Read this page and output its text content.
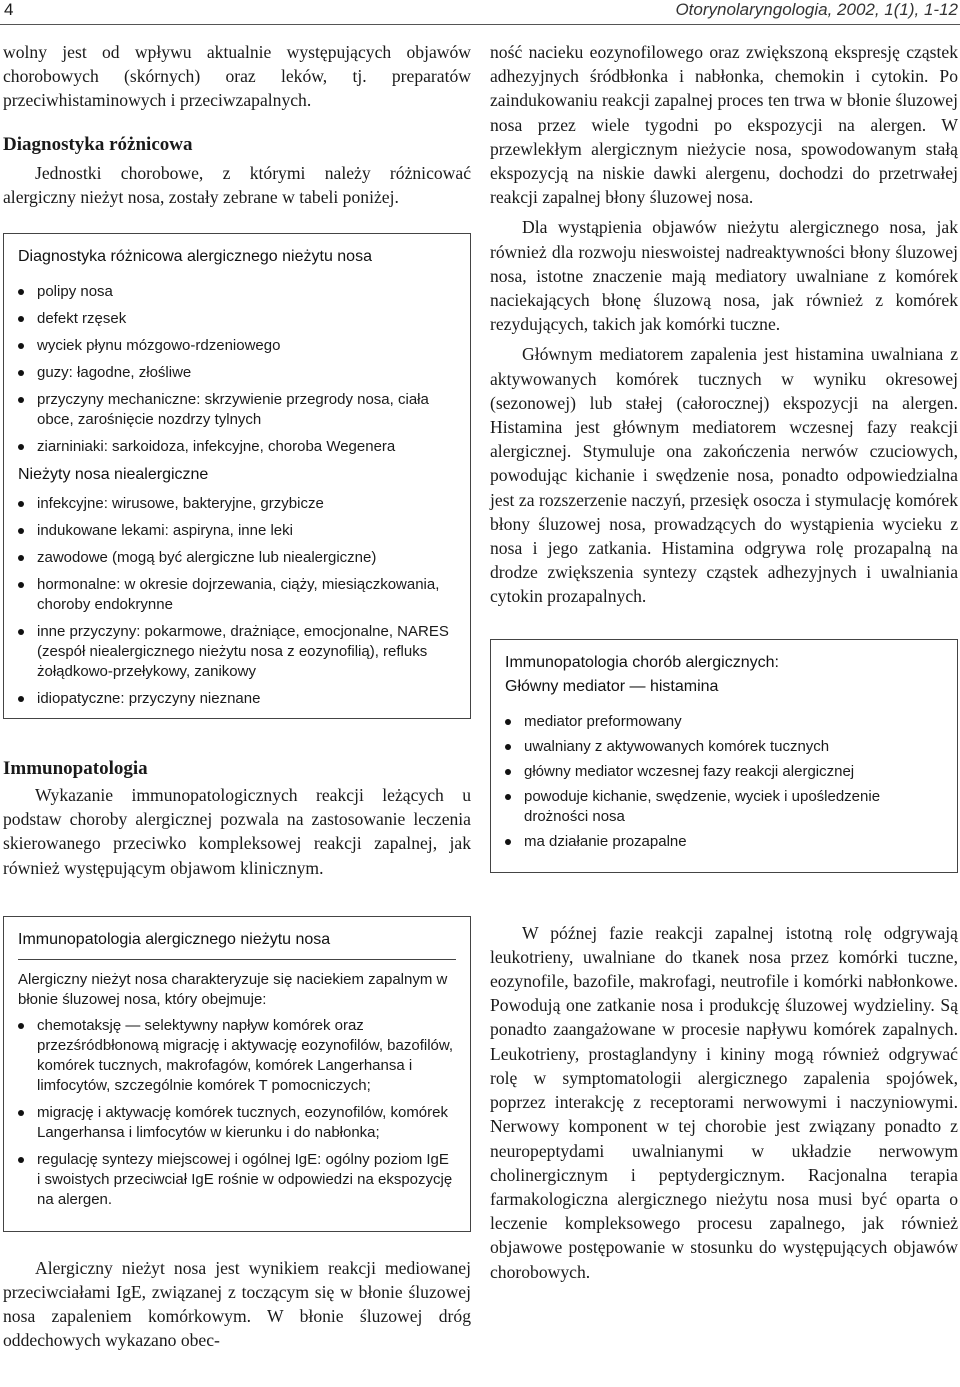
4	Otorynolaryngologia, 2002, 1(1), 1-12

wolny jest od wpływu aktualnie występujących objawów chorobowych (skórnych) oraz leków, tj. preparatów przeciwhistaminowych i przeciwzapalnych.

Diagnostyka różnicowa

Jednostki chorobowe, z którymi należy różnicować alergiczny nieżyt nosa, zostały zebrane w tabeli poniżej.

Diagnostyka różnicowa alergicznego nieżytu nosa
polipy nosa
defekt rzęsek
wyciek płynu mózgowo-rdzeniowego
guzy: łagodne, złośliwe
przyczyny mechaniczne: skrzywienie przegrody nosa, ciała obce, zarośnięcie nozdrzy tylnych
ziarniniaki: sarkoidoza, infekcyjne, choroba Wegenera
Nieżyty nosa niealergiczne
infekcyjne: wirusowe, bakteryjne, grzybicze
indukowane lekami: aspiryna, inne leki
zawodowe (mogą być alergiczne lub niealergiczne)
hormonalne: w okresie dojrzewania, ciąży, miesiączkowania, choroby endokrynne
inne przyczyny: pokarmowe, drażniące, emocjonalne, NARES (zespół niealergicznego nieżytu nosa z eozynofilią), refluks żołądkowo-przełykowy, zanikowy
idiopatyczne: przyczyny nieznane
Immunopatologia

Wykazanie immunopatologicznych reakcji leżących u podstaw choroby alergicznej pozwala na zastosowanie leczenia skierowanego przeciwko kompleksowej reakcji zapalnej, jak również występującym objawom klinicznym.

Immunopatologia alergicznego nieżytu nosa

Alergiczny nieżyt nosa charakteryzuje się naciekiem zapalnym w błonie śluzowej nosa, który obejmuje:

chemotaksję — selektywny napływ komórek oraz przezśródbłonową migrację i aktywację eozynofilów, bazofilów, komórek tucznych, makrofagów, komórek Langerhansa i limfocytów, szczególnie komórek T pomocniczych;
migrację i aktywację komórek tucznych, eozynofilów, komórek Langerhansa i limfocytów w kierunku i do nabłonka;
regulację syntezy miejscowej i ogólnej IgE: ogólny poziom IgE i swoistych przeciwciał IgE rośnie w odpowiedzi na ekspozycję na alergen.

Alergiczny nieżyt nosa jest wynikiem reakcji mediowanej przeciwciałami IgE, związanej z toczącym się w błonie śluzowej nosa zapaleniem komórkowym. W błonie śluzowej dróg oddechowych wykazano obec-

ność nacieku eozynofilowego oraz zwiększoną ekspresję cząstek adhezyjnych śródbłonka i nabłonka, chemokin i cytokin. Po zaindukowaniu reakcji zapalnej proces ten trwa w błonie śluzowej nosa przez wiele tygodni po ekspozycji na alergen. W przewlekłym alergicznym nieżycie nosa, spowodowanym stałą ekspozycją na niskie dawki alergenu, dochodzi do przetrwałej reakcji zapalnej błony śluzowej nosa.

Dla wystąpienia objawów nieżytu alergicznego nosa, jak również dla rozwoju nieswoistej nadreaktywności błony śluzowej nosa, istotne znaczenie mają mediatory uwalniane z komórek naciekających błonę śluzową nosa, jak również z komórek rezydujących, takich jak komórki tuczne.

Głównym mediatorem zapalenia jest histamina uwalniana z aktywowanych komórek tucznych w wyniku okresowej (sezonowej) lub stałej (całorocznej) ekspozycji na alergen. Histamina jest głównym mediatorem wczesnej fazy reakcji alergicznej. Stymuluje ona zakończenia nerwów czuciowych, powodując kichanie i swędzenie nosa, ponadto odpowiedzialna jest za rozszerzenie naczyń, przesięk osocza i stymulację komórek błony śluzowej nosa, prowadzących do wystąpienia wycieku z nosa i jego zatkania. Histamina odgrywa rolę prozapalną na drodze zwiększenia syntezy cząstek adhezyjnych i uwalniania cytokin prozapalnych.

Immunopatologia chorób alergicznych:
Główny mediator — histamina
mediator preformowany
uwalniany z aktywowanych komórek tucznych
główny mediator wczesnej fazy reakcji alergicznej
powoduje kichanie, swędzenie, wyciek i upośledzenie drożności nosa
ma działanie prozapalne

W późnej fazie reakcji zapalnej istotną rolę odgrywają leukotrieny, uwalniane do tkanek nosa przez komórki tuczne, eozynofile, bazofile, makrofagi, neutrofile i komórki nabłonkowe. Powodują one zatkanie nosa i produkcję śluzowej wydzieliny. Są ponadto zaangażowane w procesie napływu komórek zapalnych. Leukotrieny, prostaglandyny i kininy mogą również odgrywać rolę w symptomatologii alergicznego zapalenia spojówek, poprzez interakcję z receptorami nerwowymi i naczyniowymi. Nerwowy komponent w tej chorobie jest związany ponadto z neuropeptydami uwalnianymi w układzie nerwowym cholinergicznym i peptydergicznym. Racjonalna terapia farmakologiczna alergicznego nieżytu nosa musi być oparta o leczenie kompleksowego procesu zapalnego, jak również objawowe postępowanie w stosunku do występujących objawów chorobowych.
